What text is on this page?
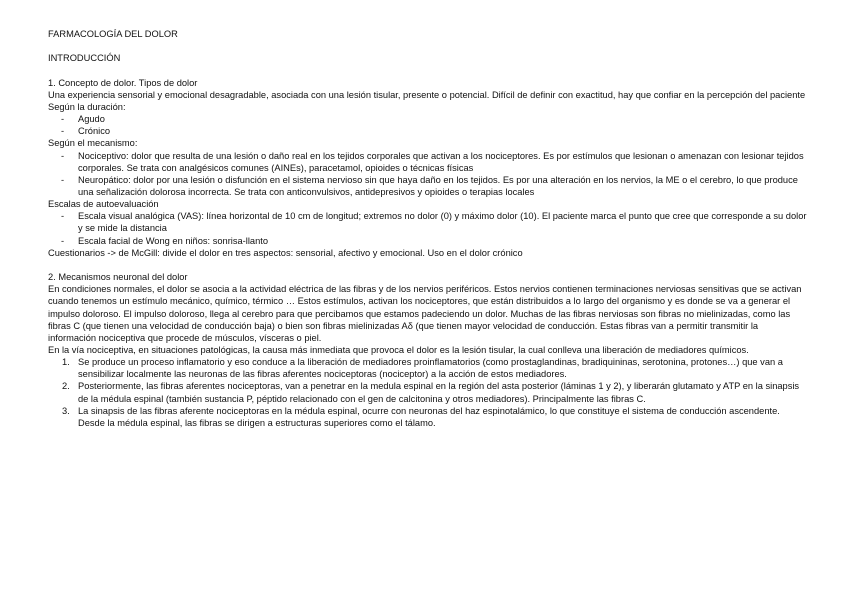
FARMACOLOGÍA DEL DOLOR

INTRODUCCIÓN

1. Concepto de dolor. Tipos de dolor

Una experiencia sensorial y emocional desagradable, asociada con una lesión tisular, presente o potencial. Difícil de definir con exactitud, hay que confiar en la percepción del paciente

Según la duración:

- Agudo
- Crónico

Según el mecanismo:

- Nociceptivo: dolor que resulta de una lesión o daño real en los tejidos corporales que activan a los nociceptores. Es por estímulos que lesionan o amenazan con lesionar tejidos corporales. Se trata con analgésicos comunes (AINEs), paracetamol, opioides o técnicas físicas
- Neuropático: dolor por una lesión o disfunción en el sistema nervioso sin que haya daño en los tejidos. Es por una alteración en los nervios, la ME o el cerebro, lo que produce una señalización dolorosa incorrecta. Se trata con anticonvulsivos, antidepresivos y opioides o terapias locales

Escalas de autoevaluación

- Escala visual analógica (VAS): línea horizontal de 10 cm de longitud; extremos no dolor (0) y máximo dolor (10). El paciente marca el punto que cree que corresponde a su dolor y se mide la distancia
- Escala facial de Wong en niños: sonrisa-llanto

Cuestionarios -> de McGill: divide el dolor en tres aspectos: sensorial, afectivo y emocional. Uso en el dolor crónico

2. Mecanismos neuronal del dolor

En condiciones normales, el dolor se asocia a la actividad eléctrica de las fibras y de los nervios periféricos. Estos nervios contienen terminaciones nerviosas sensitivas que se activan cuando tenemos un estímulo mecánico, químico, térmico … Estos estímulos, activan los nociceptores, que están distribuidos a lo largo del organismo y es donde se va a generar el impulso doloroso. El impulso doloroso, llega al cerebro para que percibamos que estamos padeciendo un dolor. Muchas de las fibras nerviosas son fibras no mielinizadas, como las fibras C (que tienen una velocidad de conducción baja) o bien son fibras mielinizadas Aδ (que tienen mayor velocidad de conducción. Estas fibras van a permitir transmitir la información nociceptiva que procede de músculos, vísceras o piel.

En la vía nociceptiva, en situaciones patológicas, la causa más inmediata que provoca el dolor es la lesión tisular, la cual conlleva una liberación de mediadores químicos.

1. Se produce un proceso inflamatorio y eso conduce a la liberación de mediadores proinflamatorios (como prostaglandinas, bradiquininas, serotonina, protones…) que van a sensibilizar localmente las neuronas de las fibras aferentes nociceptoras (nociceptor) a la acción de estos mediadores.
2. Posteriormente, las fibras aferentes nociceptoras, van a penetrar en la medula espinal en la región del asta posterior (láminas 1 y 2), y liberarán glutamato y ATP en la sinapsis de la médula espinal (también sustancia P, péptido relacionado con el gen de calcitonina y otros mediadores). Principalmente las fibras C.
3. La sinapsis de las fibras aferente nociceptoras en la médula espinal, ocurre con neuronas del haz espinotalámico, lo que constituye el sistema de conducción ascendente. Desde la médula espinal, las fibras se dirigen a estructuras superiores como el tálamo.
